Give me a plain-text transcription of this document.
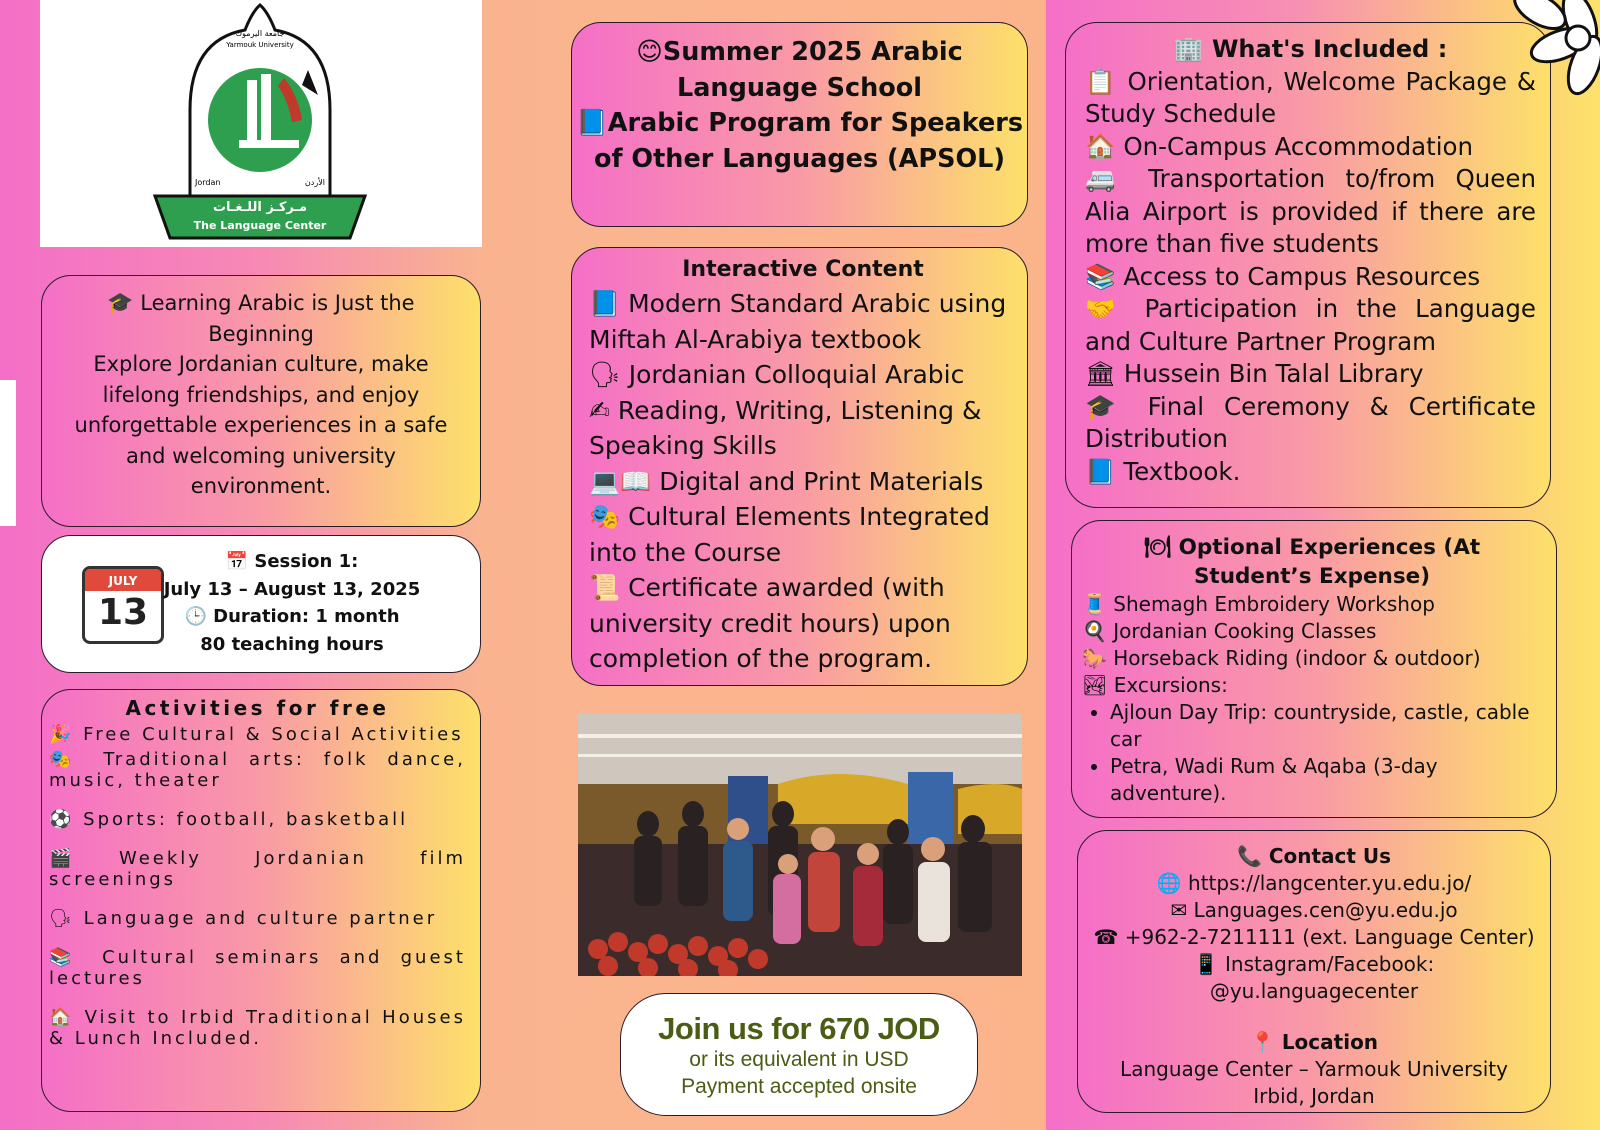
جامعة اليرموك
Yarmouk University
Jordan	الأردن
مـركـز اللـغـات
The Language Center
🎓 Learning Arabic is Just the Beginning
Explore Jordanian culture, make lifelong friendships, and enjoy unforgettable experiences in a safe and welcoming university environment.
JULY
13
📅 Session 1:
July 13 – August 13, 2025
🕒 Duration: 1 month
80 teaching hours
Activities for free
🎉 Free Cultural & Social Activities
🎭 Traditional arts: folk dance, music, theater
⚽ Sports: football, basketball
🎬Weekly Jordanian film screenings
🗣 Language and culture partner
📚 Cultural seminars and guest lectures
🏠 Visit to Irbid Traditional Houses & Lunch Included.
😊Summer 2025 Arabic Language School
📘Arabic Program for Speakers of Other Languages (APSOL)
Interactive Content
📘 Modern Standard Arabic using Miftah Al-Arabiya textbook
🗣 Jordanian Colloquial Arabic
✍ Reading, Writing, Listening & Speaking Skills
💻📖 Digital and Print Materials
🎭 Cultural Elements Integrated into the Course
📜 Certificate awarded (with university credit hours) upon completion of the program.
Join us for 670 JOD
or its equivalent in USD
Payment accepted onsite
🏢 What's Included :
📋 Orientation, Welcome Package & Study Schedule
🏠 On-Campus Accommodation
🚐 Transportation to/from Queen Alia Airport is provided if there are more than five students
📚 Access to Campus Resources
🤝 Participation in the Language and Culture Partner Program
🏛 Hussein Bin Talal Library
🎓 Final Ceremony & Certificate Distribution
📘 Textbook.
🍽 Optional Experiences (At Student’s Expense)
🧵 Shemagh Embroidery Workshop
🍳 Jordanian Cooking Classes
🐎 Horseback Riding (indoor & outdoor)
🏞 Excursions:
• Ajloun Day Trip: countryside, castle, cable car
• Petra, Wadi Rum & Aqaba (3-day adventure).
📞 Contact Us
🌐 https://langcenter.yu.edu.jo/
✉ Languages.cen@yu.edu.jo
☎ +962-2-7211111 (ext. Language Center)
📱 Instagram/Facebook:
@yu.languagecenter
📍 Location
Language Center – Yarmouk University
Irbid, Jordan
